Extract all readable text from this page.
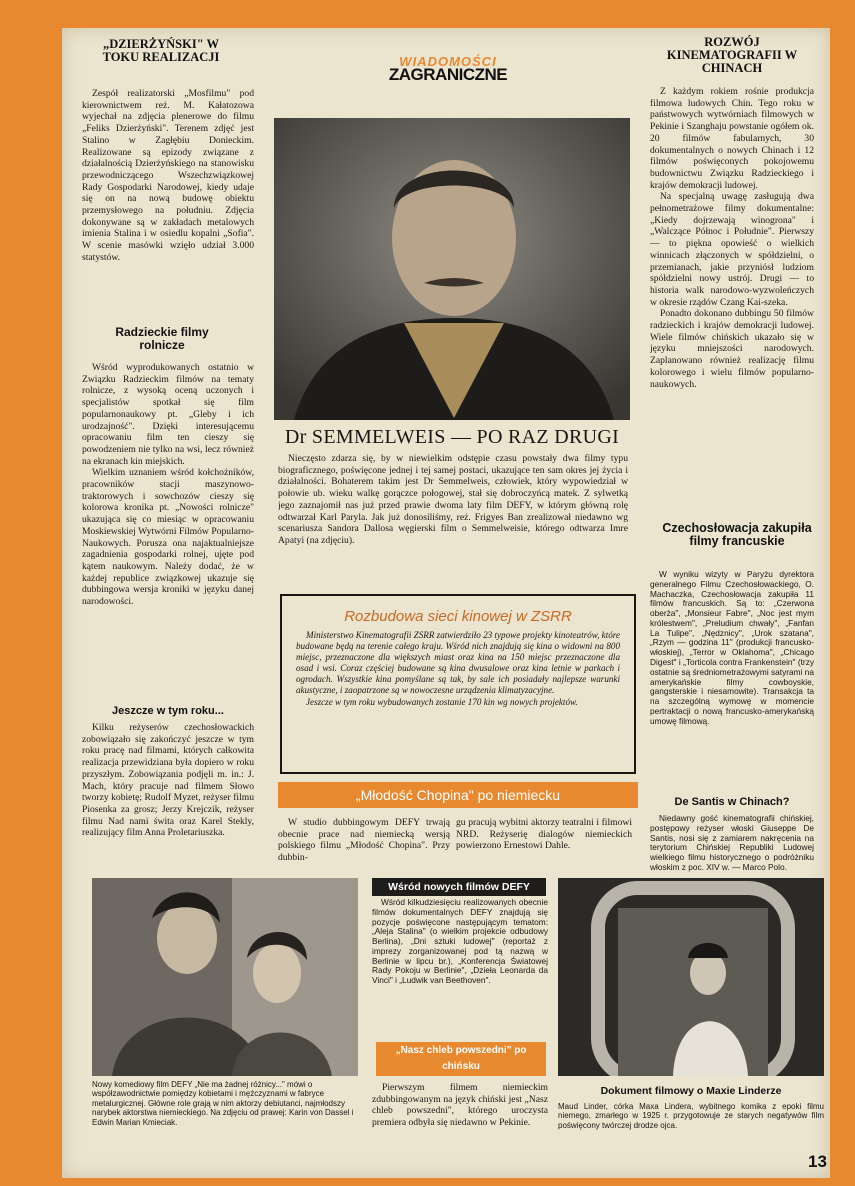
„DZIERŻYŃSKI" W TOKU REALIZACJI

Zespół realizatorski „Mosfilmu" pod kierownictwem reż. M. Kałatozowa wyjechał na zdjęcia plenerowe do filmu „Feliks Dzierżyński". Terenem zdjęć jest Stalino w Zagłębiu Donieckim. Realizowane są epizody związane z działalnością Dzierżyńskiego na stanowisku przewodniczącego Wszechzwiązkowej Rady Gospodarki Narodowej, kiedy udaje się on na nową budowę obiektu przemysłowego na południu. Zdjęcia dokonywane są w zakładach metalowych imienia Stalina i w osiedlu kopalni „Sofia". W scenie masówki wzięło udział 3.000 statystów.

Radzieckie filmy rolnicze

Wśród wyprodukowanych ostatnio w Związku Radzieckim filmów na tematy rolnicze, z wysoką oceną uczonych i specjalistów spotkał się film popularnonaukowy pt. „Gleby i ich urodzajność". Dzięki interesującemu opracowaniu film ten cieszy się powodzeniem nie tylko na wsi, lecz również na ekranach kin miejskich.

Wielkim uznaniem wśród kołchoźników, pracowników stacji maszynowo-traktorowych i sowchozów cieszy się kolorowa kronika pt. „Nowości rolnicze" ukazująca się co miesiąc w opracowaniu Moskiewskiej Wytwórni Filmów Popularno-Naukowych. Porusza ona najaktualniejsze zagadnienia gospodarki rolnej, ujęte pod kątem naukowym. Należy dodać, że w każdej republice związkowej ukazuje się dubbingowa wersja kroniki w języku danej narodowości.

Jeszcze w tym roku...

Kilku reżyserów czechosłowackich zobowiązało się zakończyć jeszcze w tym roku pracę nad filmami, których całkowita realizacja przewidziana była dopiero w roku przyszłym. Zobowiązania podjęli m. in.: J. Mach, który pracuje nad filmem Słowo tworzy kobietę; Rudolf Myzet, reżyser filmu Piosenka za grosz; Jerzy Krejczik, reżyser filmu Nad nami świta oraz Karel Stekly, realizujący film Anna Proletariuszka.

WIADOMOŚCI
ZAGRANICZNE
Dr SEMMELWEIS — PO RAZ DRUGI

Nieczęsto zdarza się, by w niewielkim odstępie czasu powstały dwa filmy typu biograficznego, poświęcone jednej i tej samej postaci, ukazujące ten sam okres jej życia i działalności. Bohaterem takim jest Dr Semmelweis, człowiek, który wypowiedział w połowie ub. wieku walkę gorączce połogowej, stał się dobroczyńcą matek. Z sylwetką jego zaznajomił nas już przed prawie dwoma laty film DEFY, w którym główną rolę odtwarzał Karl Paryla. Jak już donosiliśmy, reż. Frigyes Ban zrealizował niedawno wg scenariusza Sandora Dallosa węgierski film o Semmelweisie, którego odtwarza Imre Apatyi (na zdjęciu).

Rozbudowa sieci kinowej w ZSRR

Ministerstwo Kinematografii ZSRR zatwierdziło 23 typowe projekty kinoteatrów, które budowane będą na terenie całego kraju. Wśród nich znajdują się kina o widowni na 800 miejsc, przeznaczone dla większych miast oraz kina na 150 miejsc przeznaczone dla osad i wsi. Coraz częściej budowane są kina dwusalowe oraz kina letnie w parkach i ogrodach. Wszystkie kina pomyślane są tak, by sale ich posiadały najlepsze warunki akustyczne, i zaopatrzone są w nowoczesne urządzenia klimatyzacyjne.

Jeszcze w tym roku wybudowanych zostanie 170 kin wg nowych projektów.

„Młodość Chopina" po niemiecku

W studio dubbingowym DEFY trwają obecnie prace nad niemiecką wersją polskiego filmu „Młodość Chopina". Przy dubbin-

gu pracują wybitni aktorzy teatralni i filmowi NRD. Reżyserię dialogów niemieckich powierzono Ernestowi Dahle.

ROZWÓJ KINEMATOGRAFII W CHINACH

Z każdym rokiem rośnie produkcja filmowa ludowych Chin. Tego roku w państwowych wytwórniach filmowych w Pekinie i Szanghaju powstanie ogółem ok. 20 filmów fabularnych, 30 dokumentalnych o nowych Chinach i 12 filmów poświęconych pokojowemu budownictwu Związku Radzieckiego i krajów demokracji ludowej.

Na specjalną uwagę zasługują dwa pełnometrażowe filmy dokumentalne: „Kiedy dojrzewają winogrona" i „Walczące Północ i Południe". Pierwszy — to piękna opowieść o wielkich winnicach złączonych w spółdzielni, o przemianach, jakie przyniósł ludziom spółdzielni nowy ustrój. Drugi — to historia walk narodowo-wyzwoleńczych w okresie rządów Czang Kai-szeka.

Ponadto dokonano dubbingu 50 filmów radzieckich i krajów demokracji ludowej. Wiele filmów chińskich ukazało się w języku mniejszości narodowych. Zaplanowano również realizację filmu kolorowego i wielu filmów popularno-naukowych.

Czechosłowacja zakupiła filmy francuskie

W wyniku wizyty w Paryżu dyrektora generalnego Filmu Czechosłowackiego, O. Machaczka, Czechosłowacja zakupiła 11 filmów francuskich. Są to: „Czerwona oberża", „Monsieur Fabre", „Noc jest mym królestwem", „Preludium chwały", „Fanfan La Tulipe", „Nędznicy", „Urok szatana", „Rzym — godzina 11" (produkcji francusko-włoskiej), „Terror w Oklahoma", „Chicago Digest" i „Torticola contra Frankenstein" (trzy ostatnie są średniometrażowymi satyrami na amerykańskie filmy cowboyskie, gangsterskie i niesamowite). Transakcja ta na szczególną wymowę w momencie pertraktacji o nową francusko-amerykańską umowę filmową.

De Santis w Chinach?

Niedawny gość kinematografii chińskiej, postępowy reżyser włoski Giuseppe De Santis, nosi się z zamiarem nakręcenia na terytorium Chińskiej Republiki Ludowej wielkiego filmu historycznego o podróżniku włoskim z poc. XIV w. — Marco Polo.

Nowy komediowy film DEFY „Nie ma żadnej różnicy..." mówi o współzawodnictwie pomiędzy kobietami i mężczyznami w fabryce metalurgicznej. Główne role grają w nim aktorzy debiutanci, najmłodszy narybek aktorstwa niemieckiego. Na zdjęciu od prawej: Karin von Dassel i Edwin Marian Kmieciak.
Wśród nowych filmów DEFY

Wśród kilkudziesięciu realizowanych obecnie filmów dokumentalnych DEFY znajdują się pozycje poświęcone następującym tematom: „Aleja Stalina" (o wielkim projekcie odbudowy Berlina), „Dni sztuki ludowej" (reportaż z imprezy zorganizowanej pod tą nazwą w Berlinie w lipcu br.), „Konferencja Światowej Rady Pokoju w Berlinie", „Dzieła Leonarda da Vinci" i „Ludwik van Beethoven".

„Nasz chleb powszedni" po chińsku

Pierwszym filmem niemieckim zdubbingowanym na język chiński jest „Nasz chleb powszedni", którego uroczysta premiera odbyła się niedawno w Pekinie.

Dokument filmowy o Maxie Linderze
Maud Linder, córka Maxa Lindera, wybitnego komika z epoki filmu niemego, zmarłego w 1925 r. przygotowuje ze starych negatywów film poświęcony twórczej drodze ojca.
13
